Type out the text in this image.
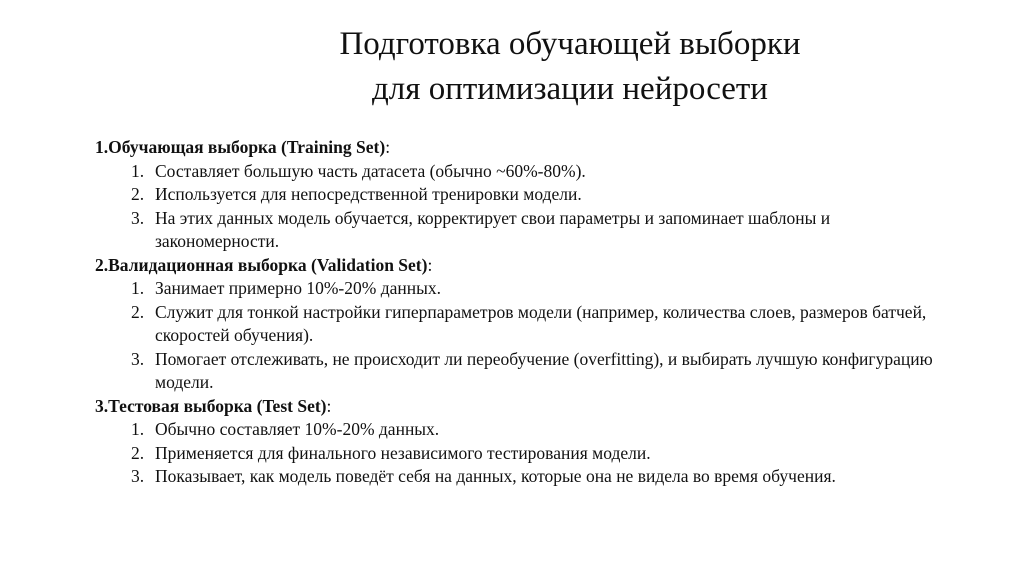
Подготовка обучающей выборки
для оптимизации нейросети

1.Обучающая выборка (Training Set):

1. Составляет большую часть датасета (обычно ~60%-80%).
2. Используется для непосредственной тренировки модели.
3. На этих данных модель обучается, корректирует свои параметры и запоминает шаблоны и закономерности.

2.Валидационная выборка (Validation Set):

1. Занимает примерно 10%-20% данных.
2. Служит для тонкой настройки гиперпараметров модели (например, количества слоев, размеров батчей, скоростей обучения).
3. Помогает отслеживать, не происходит ли переобучение (overfitting), и выбирать лучшую конфигурацию модели.

3.Тестовая выборка (Test Set):

1. Обычно составляет 10%-20% данных.
2. Применяется для финального независимого тестирования модели.
3. Показывает, как модель поведёт себя на данных, которые она не видела во время обучения.
